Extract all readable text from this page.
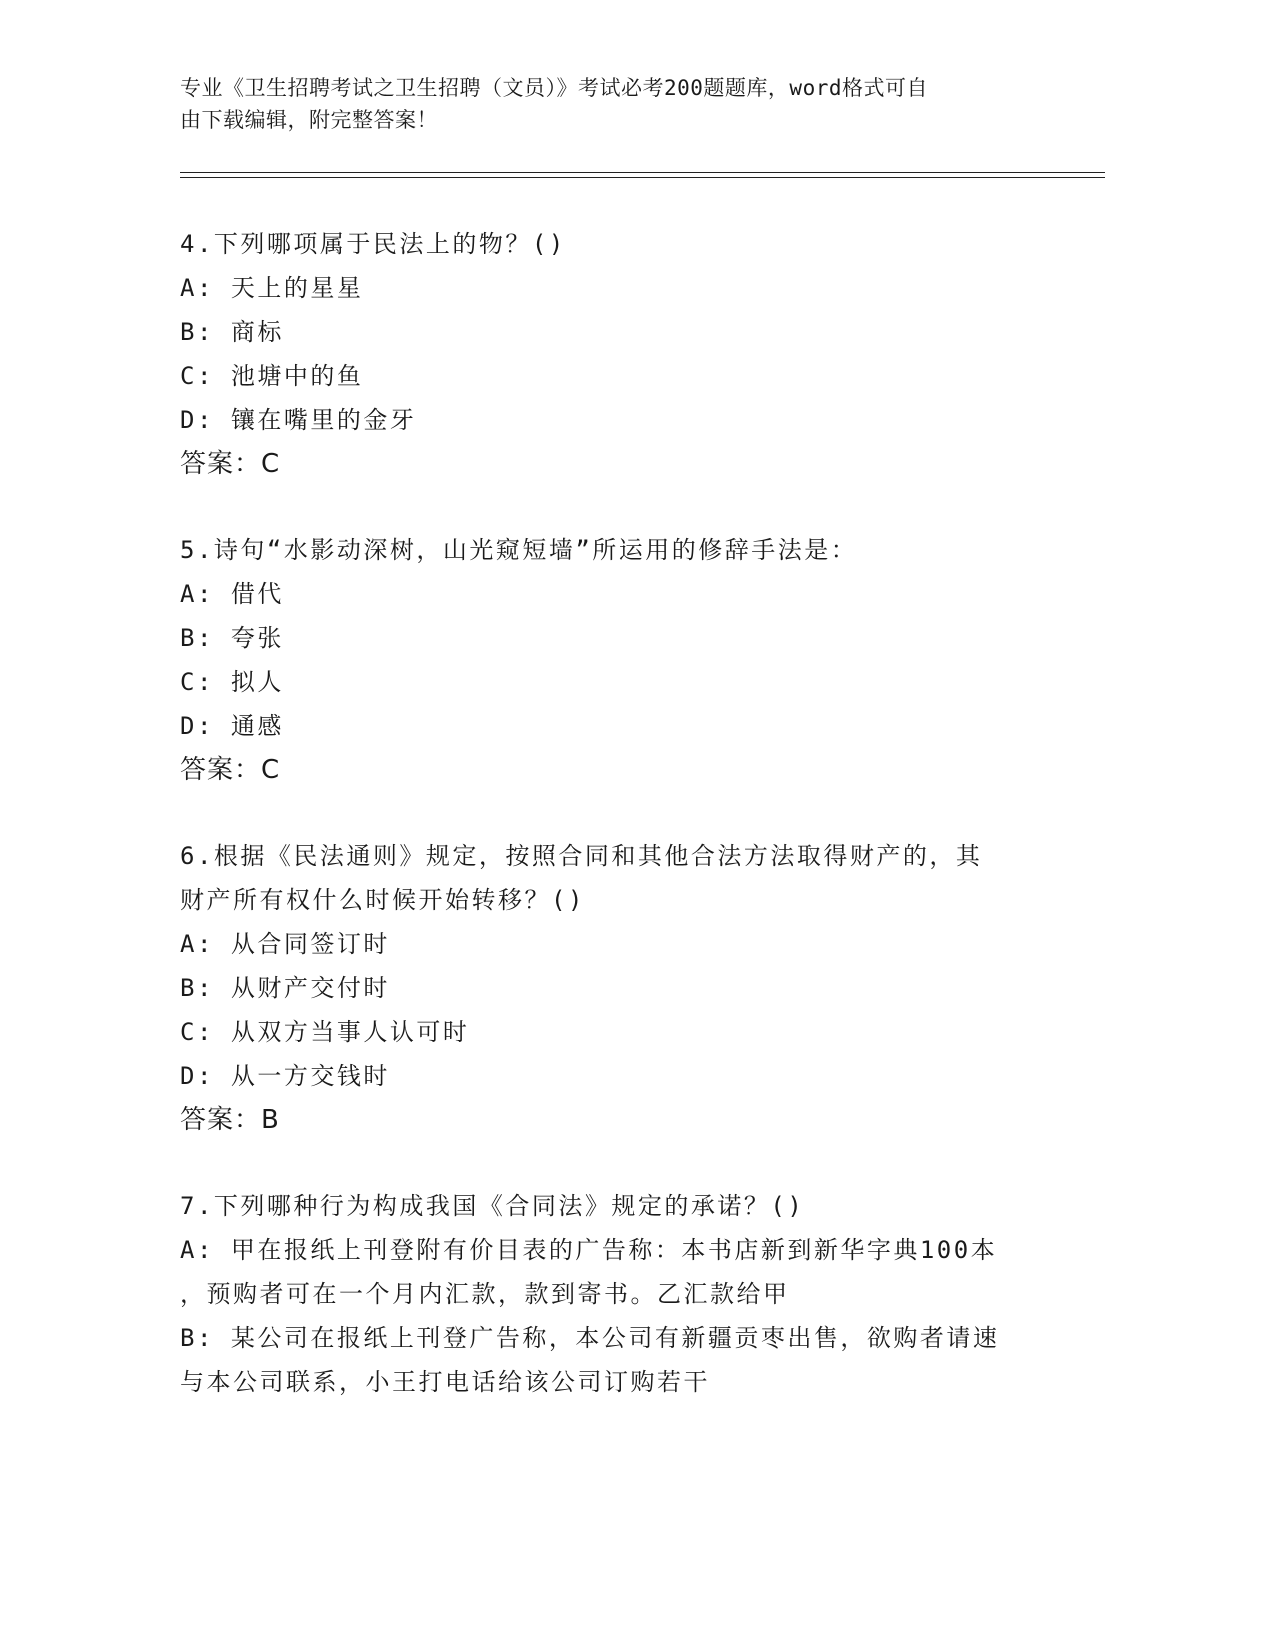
专业《卫生招聘考试之卫生招聘（文员）》考试必考200题题库，word格式可自
由下载编辑，附完整答案！

4.下列哪项属于民法上的物？()

A: 天上的星星

B: 商标

C: 池塘中的鱼

D: 镶在嘴里的金牙

答案：C

5.诗句“水影动深树，山光窥短墙”所运用的修辞手法是：

A: 借代

B: 夸张

C: 拟人

D: 通感

答案：C

6.根据《民法通则》规定，按照合同和其他合法方法取得财产的，其

财产所有权什么时候开始转移？()

A: 从合同签订时

B: 从财产交付时

C: 从双方当事人认可时

D: 从一方交钱时

答案：B

7.下列哪种行为构成我国《合同法》规定的承诺？()

A: 甲在报纸上刊登附有价目表的广告称：本书店新到新华字典100本

，预购者可在一个月内汇款，款到寄书。乙汇款给甲

B: 某公司在报纸上刊登广告称，本公司有新疆贡枣出售，欲购者请速

与本公司联系，小王打电话给该公司订购若干
